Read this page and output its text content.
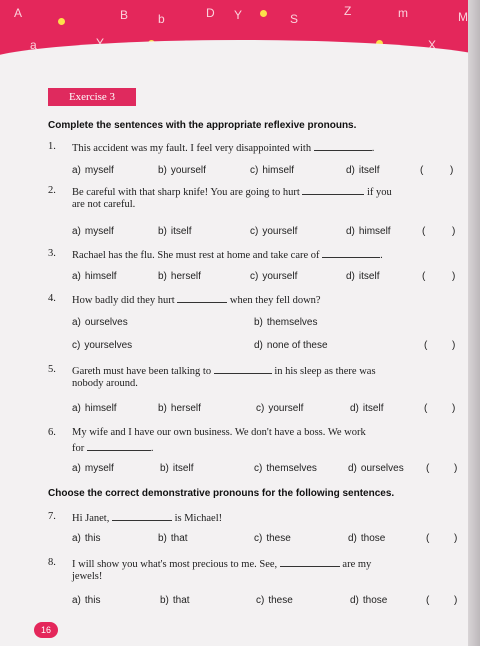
A	B b	D Y	S
Z	m	M
a	X
Exercise 3
Complete the sentences with the appropriate reflexive pronouns.
1. This accident was my fault. I feel very disappointed with	.
a) myself	b) yourself	c) himself	d) itself	(	)
2. Be careful with that sharp knife! You are going to hurt	if you
are not careful.
a) myself	b) itself	c) yourself	d) himself	(	)
3. Rachael has the flu. She must rest at home and take care of	.
a) himself	b) herself	c) yourself	d) itself	(	)
4. How badly did they hurt	when they fell down?
a) ourselves	b) themselves
c) yourselves	d) none of these	( )
5. Gareth must have been talking to	in his sleep as there was
nobody around.
a) himself	b) herself	c) yourself	d) itself	( )
6. My wife and I have our own business. We don't have a boss. We work
for	.
a) myself	b) itself	c) themselves	d) ourselves ( )
Choose the correct demonstrative pronouns for the following sentences.
7. Hi Janet,	is Michael!
a) this	b) that	c) these	d) those	( )
8. I will show you what's most precious to me. See,	are my
jewels!
a) this	b) that	c) these	d) those	( )
16
